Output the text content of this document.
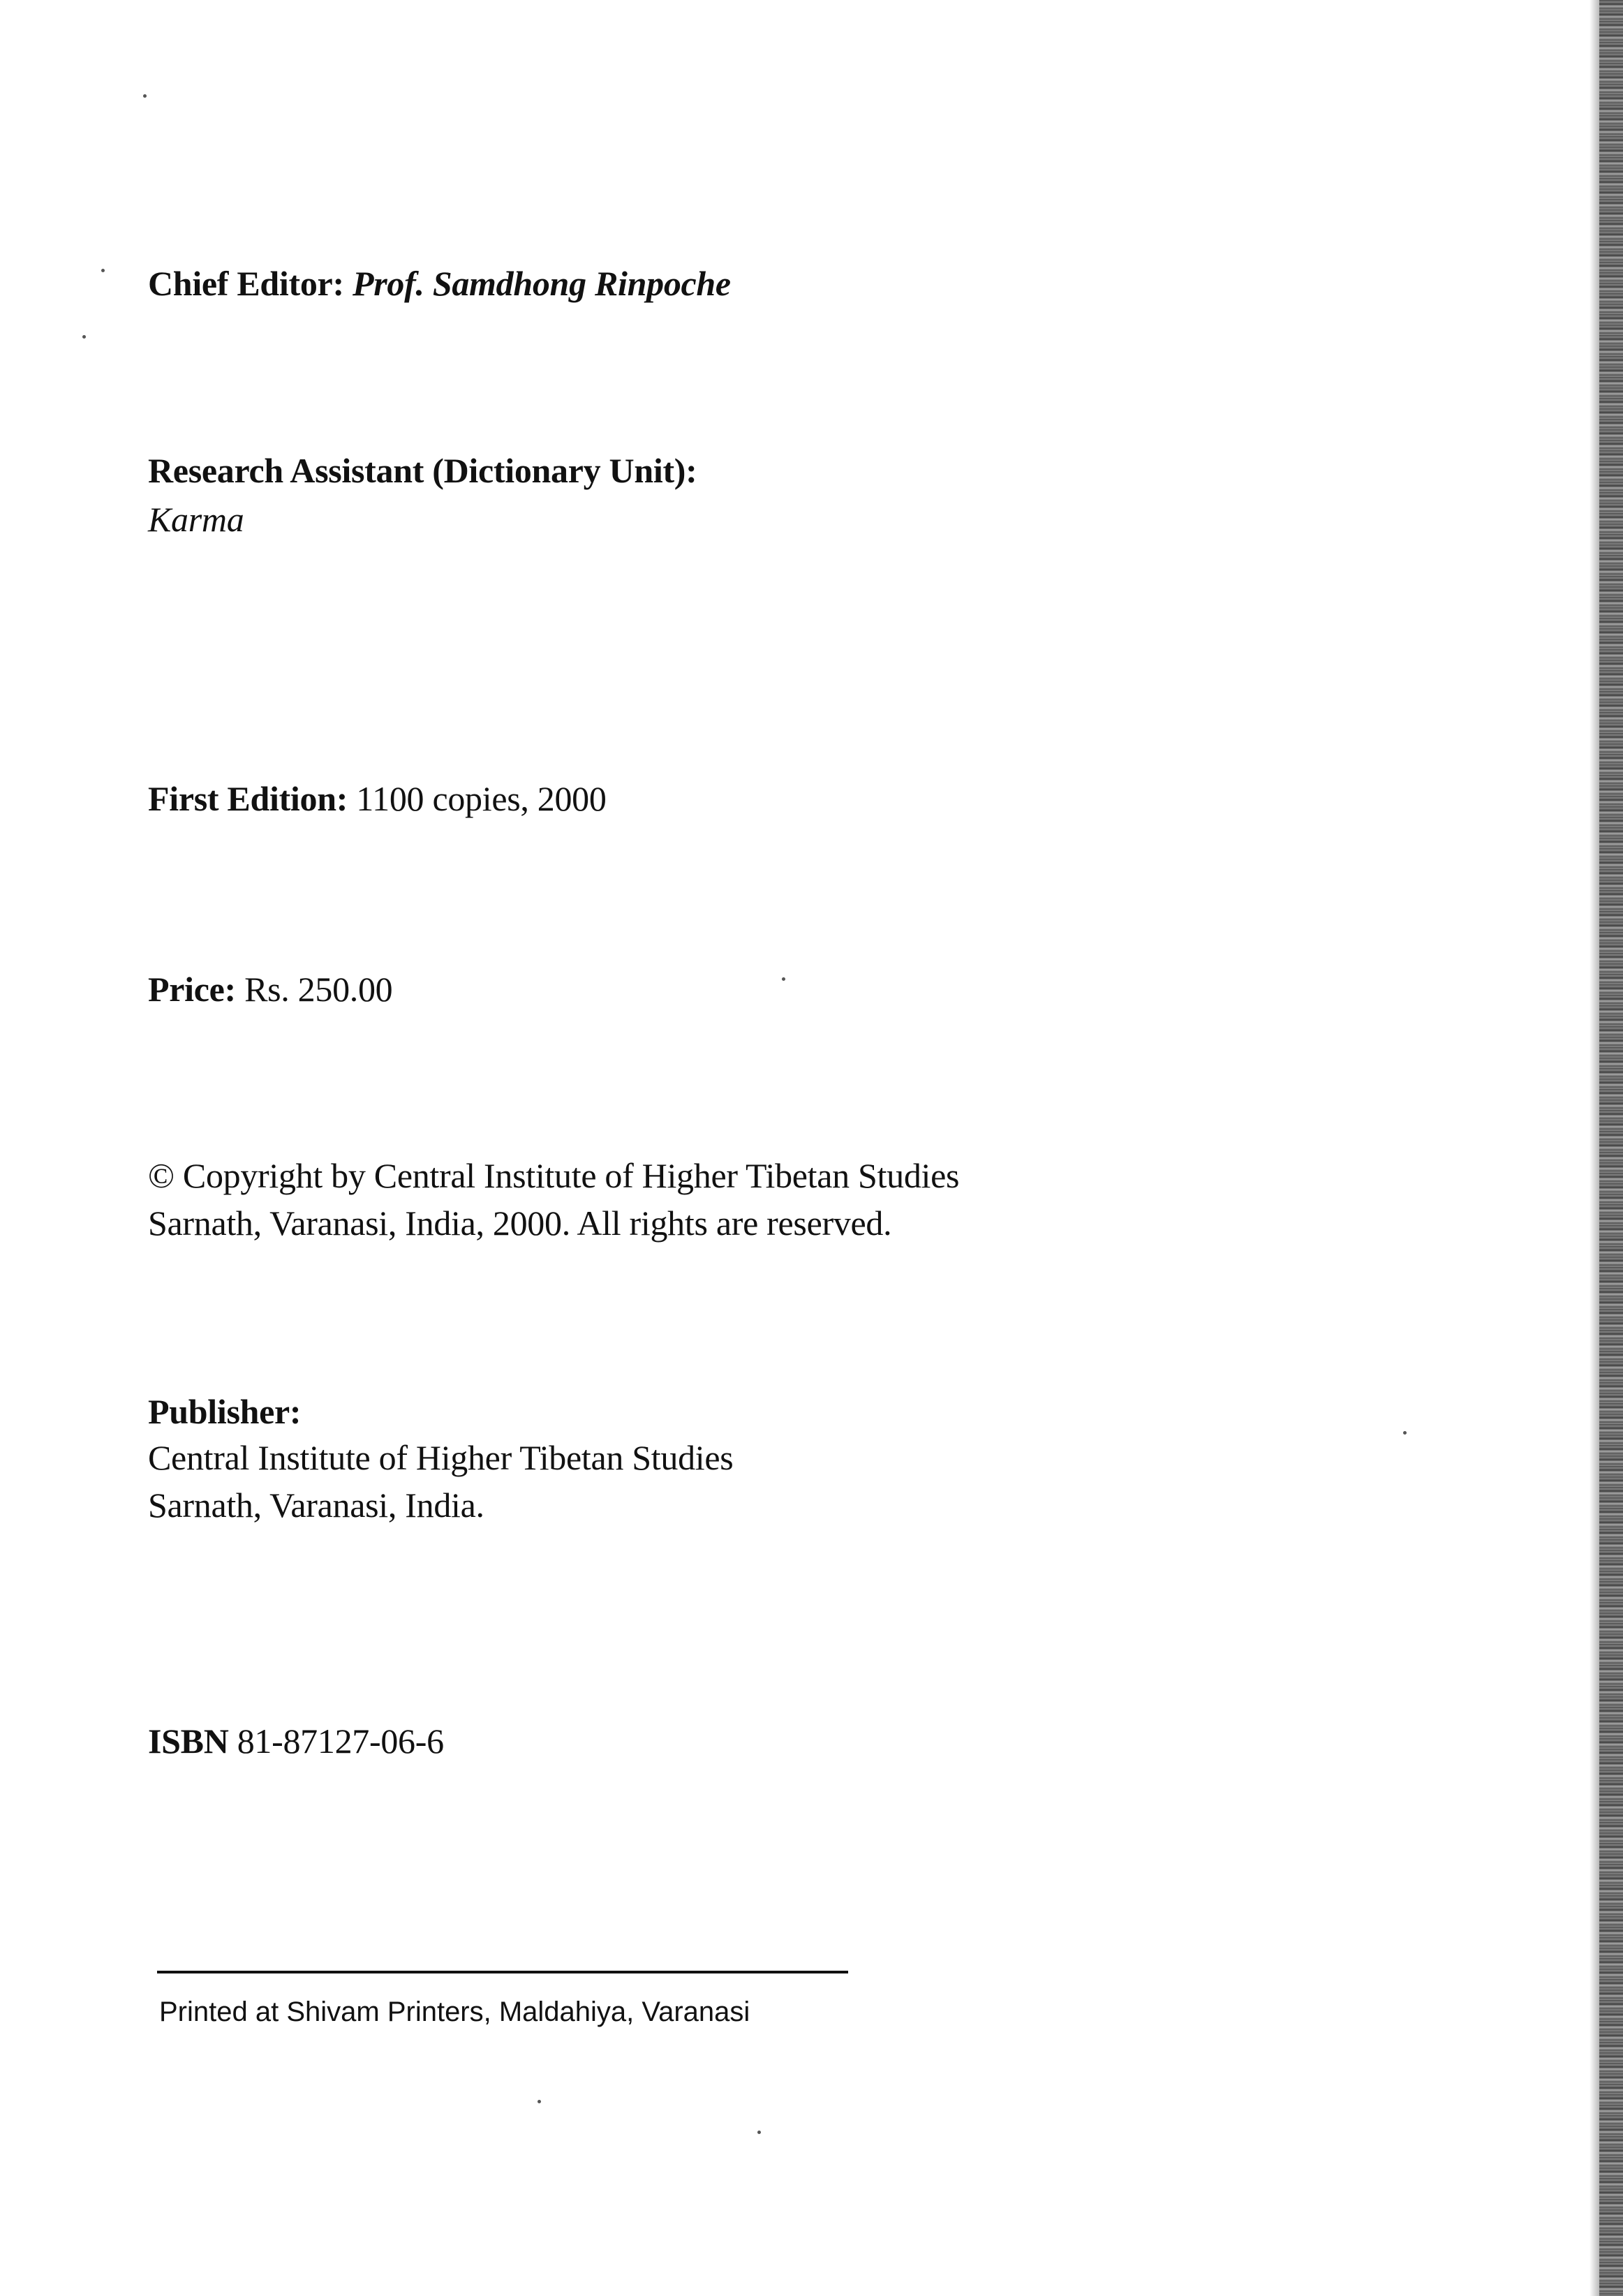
Chief Editor: Prof. Samdhong Rinpoche
Research Assistant (Dictionary Unit):
Karma
First Edition: 1100 copies, 2000
Price: Rs. 250.00
© Copyright by Central Institute of Higher Tibetan Studies
Sarnath, Varanasi, India, 2000. All rights are reserved.
Publisher:
Central Institute of Higher Tibetan Studies
Sarnath, Varanasi, India.
ISBN 81-87127-06-6
Printed at Shivam Printers, Maldahiya, Varanasi
